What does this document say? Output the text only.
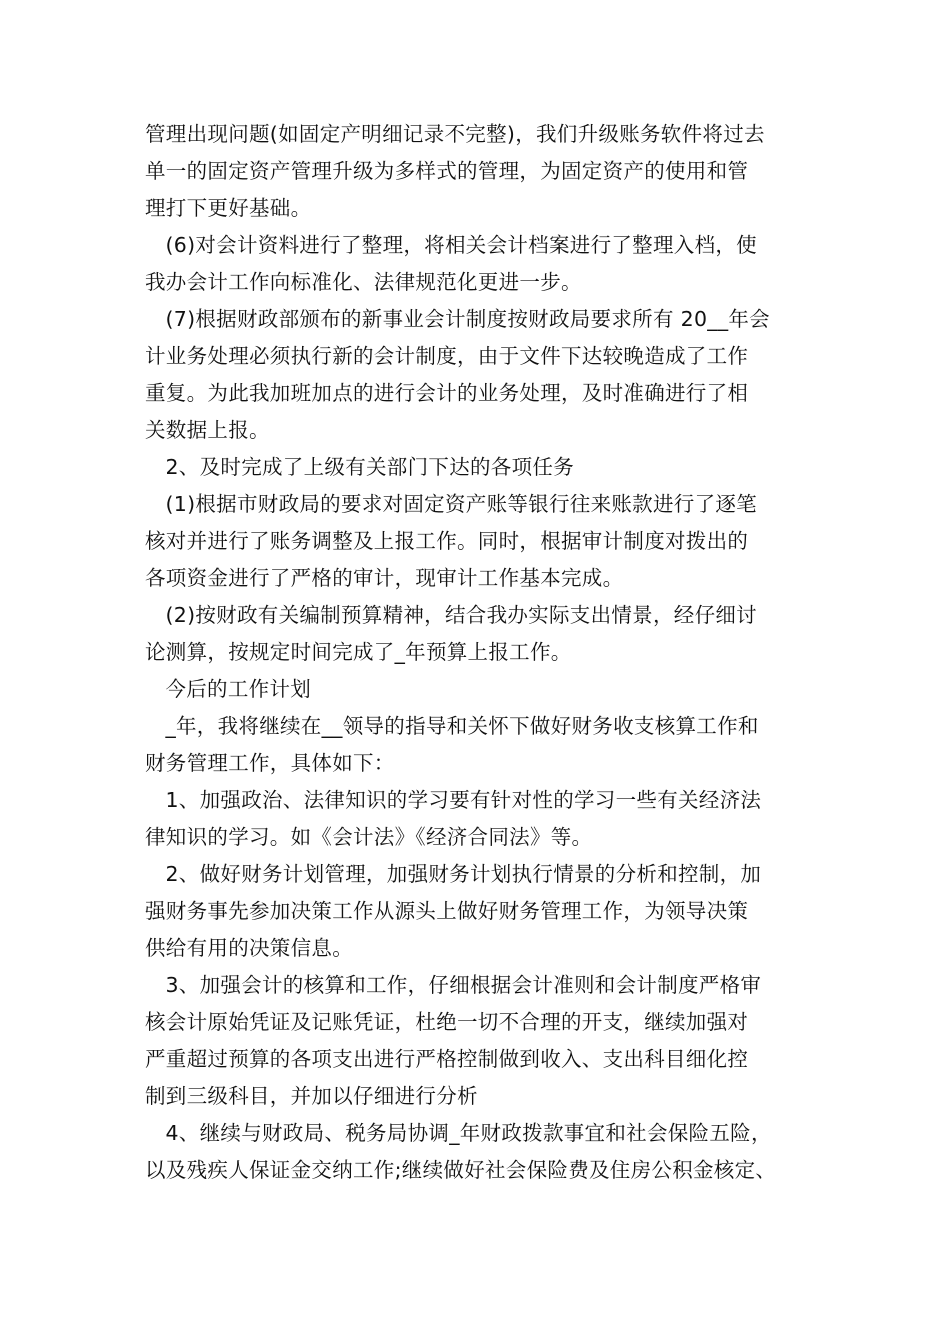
管理出现问题(如固定产明细记录不完整)，我们升级账务软件将过去
单一的固定资产管理升级为多样式的管理，为固定资产的使用和管
理打下更好基础。
(6)对会计资料进行了整理，将相关会计档案进行了整理入档，使
我办会计工作向标准化、法律规范化更进一步。
(7)根据财政部颁布的新事业会计制度按财政局要求所有 20__年会
计业务处理必须执行新的会计制度，由于文件下达较晚造成了工作
重复。为此我加班加点的进行会计的业务处理，及时准确进行了相
关数据上报。
2、及时完成了上级有关部门下达的各项任务
(1)根据市财政局的要求对固定资产账等银行往来账款进行了逐笔
核对并进行了账务调整及上报工作。同时，根据审计制度对拨出的
各项资金进行了严格的审计，现审计工作基本完成。
(2)按财政有关编制预算精神，结合我办实际支出情景，经仔细讨
论测算，按规定时间完成了_年预算上报工作。
今后的工作计划
_年，我将继续在__领导的指导和关怀下做好财务收支核算工作和
财务管理工作，具体如下：
1、加强政治、法律知识的学习要有针对性的学习一些有关经济法
律知识的学习。如《会计法》《经济合同法》等。
2、做好财务计划管理，加强财务计划执行情景的分析和控制，加
强财务事先参加决策工作从源头上做好财务管理工作，为领导决策
供给有用的决策信息。
3、加强会计的核算和工作，仔细根据会计准则和会计制度严格审
核会计原始凭证及记账凭证，杜绝一切不合理的开支，继续加强对
严重超过预算的各项支出进行严格控制做到收入、支出科目细化控
制到三级科目，并加以仔细进行分析
4、继续与财政局、税务局协调_年财政拨款事宜和社会保险五险，
以及残疾人保证金交纳工作;继续做好社会保险费及住房公积金核定、
